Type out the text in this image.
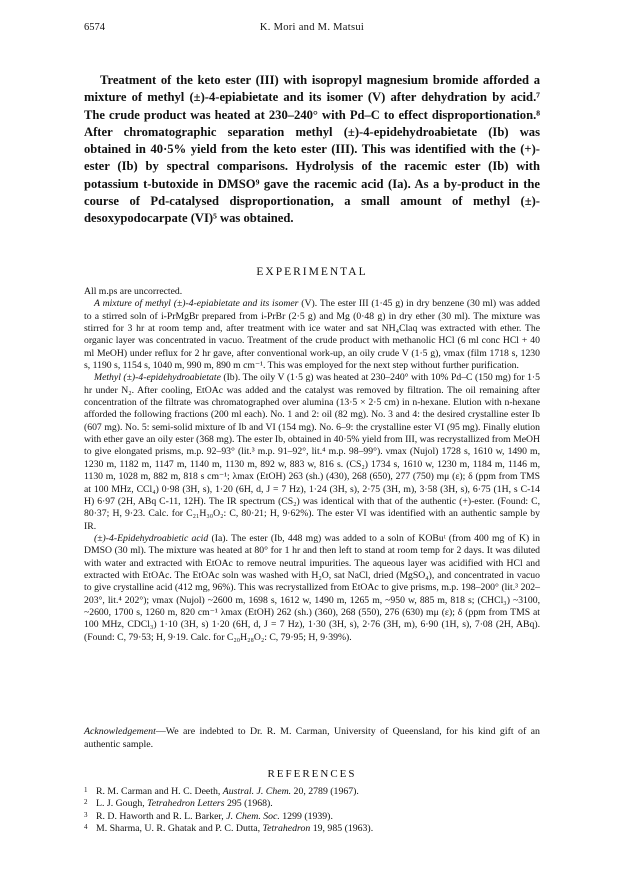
6574	K. Mori and M. Matsui

Treatment of the keto ester (III) with isopropyl magnesium bromide afforded a mixture of methyl (±)-4-epiabietate and its isomer (V) after dehydration by acid.⁷ The crude product was heated at 230–240° with Pd–C to effect disproportionation.⁸ After chromatographic separation methyl (±)-4-epidehydroabietate (Ib) was obtained in 40·5% yield from the keto ester (III). This was identified with the (+)-ester (Ib) by spectral comparisons. Hydrolysis of the racemic ester (Ib) with potassium t-butoxide in DMSO⁹ gave the racemic acid (Ia). As a by-product in the course of Pd-catalysed disproportionation, a small amount of methyl (±)-desoxypodocarpate (VI)⁵ was obtained.

EXPERIMENTAL

All m.ps are uncorrected.

A mixture of methyl (±)-4-epiabietate and its isomer (V). The ester III (1·45 g) in dry benzene (30 ml) was added to a stirred soln of i-PrMgBr prepared from i-PrBr (2·5 g) and Mg (0·48 g) in dry ether (30 ml). The mixture was stirred for 3 hr at room temp and, after treatment with ice water and sat NH₄Claq was extracted with ether. The organic layer was concentrated in vacuo. Treatment of the crude product with methanolic HCl (6 ml conc HCl + 40 ml MeOH) under reflux for 2 hr gave, after conventional work-up, an oily crude V (1·5 g), νmax (film 1718 s, 1230 s, 1190 s, 1154 s, 1040 m, 990 m, 890 m cm⁻¹. This was employed for the next step without further purification.

Methyl (±)-4-epidehydroabietate (Ib). The oily V (1·5 g) was heated at 230–240° with 10% Pd–C (150 mg) for 1·5 hr under N₂. After cooling, EtOAc was added and the catalyst was removed by filtration. The oil remaining after concentration of the filtrate was chromatographed over alumina (13·5 × 2·5 cm) in n-hexane. Elution with n-hexane afforded the following fractions (200 ml each). No. 1 and 2: oil (82 mg). No. 3 and 4: the desired crystalline ester Ib (607 mg). No. 5: semi-solid mixture of Ib and VI (154 mg). No. 6–9: the crystalline ester VI (95 mg). Finally elution with ether gave an oily ester (368 mg). The ester Ib, obtained in 40·5% yield from III, was recrystallized from MeOH to give elongated prisms, m.p. 92–93° (lit.³ m.p. 91–92°, lit.⁴ m.p. 98–99°). νmax (Nujol) 1728 s, 1610 w, 1490 m, 1230 m, 1182 m, 1147 m, 1140 m, 1130 m, 892 w, 883 w, 816 s. (CS₂) 1734 s, 1610 w, 1230 m, 1184 m, 1146 m, 1130 m, 1028 m, 882 m, 818 s cm⁻¹; λmax (EtOH) 263 (sh.) (430), 268 (650), 277 (750) mμ (ε); δ (ppm from TMS at 100 MHz, CCl₄) 0·98 (3H, s), 1·20 (6H, d, J = 7 Hz), 1·24 (3H, s), 2·75 (3H, m), 3·58 (3H, s), 6·75 (1H, s C-14 H) 6·97 (2H, ABq C-11, 12H). The IR spectrum (CS₂) was identical with that of the authentic (+)-ester. (Found: C, 80·37; H, 9·23. Calc. for C₂₁H₃₀O₂: C, 80·21; H, 9·62%). The ester VI was identified with an authentic sample by IR.

(±)-4-Epidehydroabietic acid (Ia). The ester (Ib, 448 mg) was added to a soln of KOBuᵗ (from 400 mg of K) in DMSO (30 ml). The mixture was heated at 80° for 1 hr and then left to stand at room temp for 2 days. It was diluted with water and extracted with EtOAc to remove neutral impurities. The aqueous layer was acidified with HCl and extracted with EtOAc. The EtOAc soln was washed with H₂O, sat NaCl, dried (MgSO₄), and concentrated in vacuo to give crystalline acid (412 mg, 96%). This was recrystallized from EtOAc to give prisms, m.p. 198–200° (lit.³ 202–203°, lit.⁴ 202°); νmax (Nujol) ~2600 m, 1698 s, 1612 w, 1490 m, 1265 m, ~950 w, 885 m, 818 s; (CHCl₃) ~3100, ~2600, 1700 s, 1260 m, 820 cm⁻¹ λmax (EtOH) 262 (sh.) (360), 268 (550), 276 (630) mμ (ε); δ (ppm from TMS at 100 MHz, CDCl₃) 1·10 (3H, s) 1·20 (6H, d, J = 7 Hz), 1·30 (3H, s), 2·76 (3H, m), 6·90 (1H, s), 7·08 (2H, ABq). (Found: C, 79·53; H, 9·19. Calc. for C₂₀H₂₈O₂: C, 79·95; H, 9·39%).

Acknowledgement—We are indebted to Dr. R. M. Carman, University of Queensland, for his kind gift of an authentic sample.

REFERENCES
1 R. M. Carman and H. C. Deeth, Austral. J. Chem. 20, 2789 (1967).
2 L. J. Gough, Tetrahedron Letters 295 (1968).
3 R. D. Haworth and R. L. Barker, J. Chem. Soc. 1299 (1939).
4 M. Sharma, U. R. Ghatak and P. C. Dutta, Tetrahedron 19, 985 (1963).
